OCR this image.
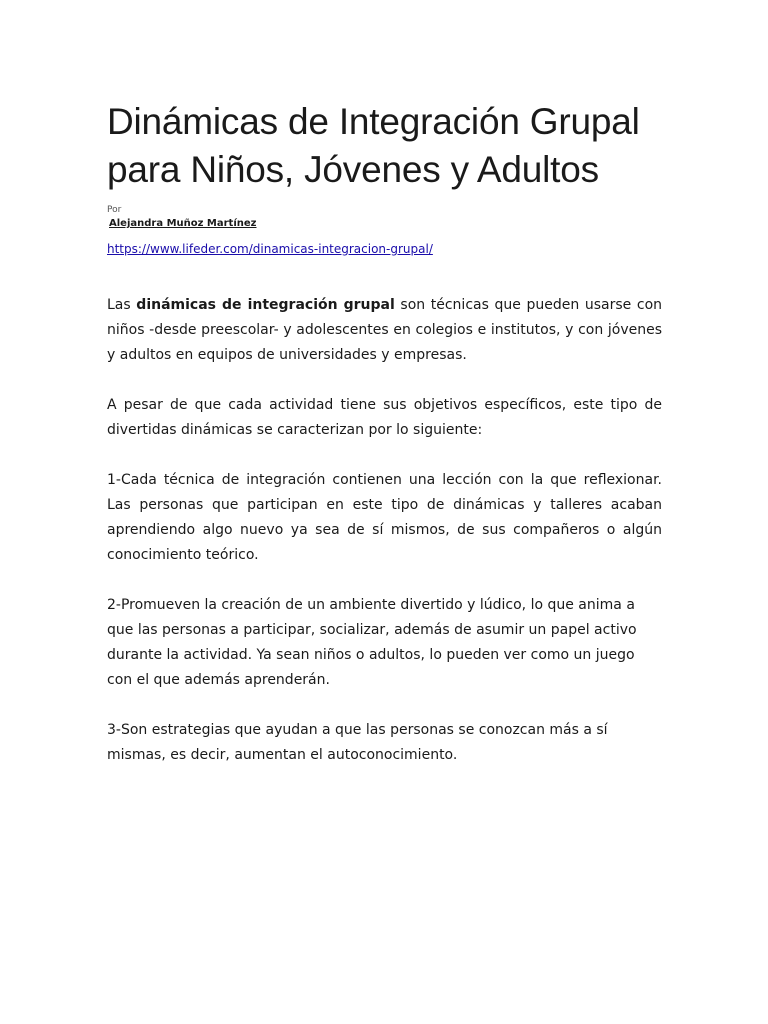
Dinámicas de Integración Grupal para Niños, Jóvenes y Adultos
Por
Alejandra Muñoz Martínez
https://www.lifeder.com/dinamicas-integracion-grupal/

Las dinámicas de integración grupal son técnicas que pueden usarse con niños -desde preescolar- y adolescentes en colegios e institutos, y con jóvenes y adultos en equipos de universidades y empresas.

A pesar de que cada actividad tiene sus objetivos específicos, este tipo de divertidas dinámicas se caracterizan por lo siguiente:

1-Cada técnica de integración contienen una lección con la que reflexionar. Las personas que participan en este tipo de dinámicas y talleres acaban aprendiendo algo nuevo ya sea de sí mismos, de sus compañeros o algún conocimiento teórico.

2-Promueven la creación de un ambiente divertido y lúdico, lo que anima a que las personas a participar, socializar, además de asumir un papel activo durante la actividad. Ya sean niños o adultos, lo pueden ver como un juego con el que además aprenderán.

3-Son estrategias que ayudan a que las personas se conozcan más a sí mismas, es decir, aumentan el autoconocimiento.
